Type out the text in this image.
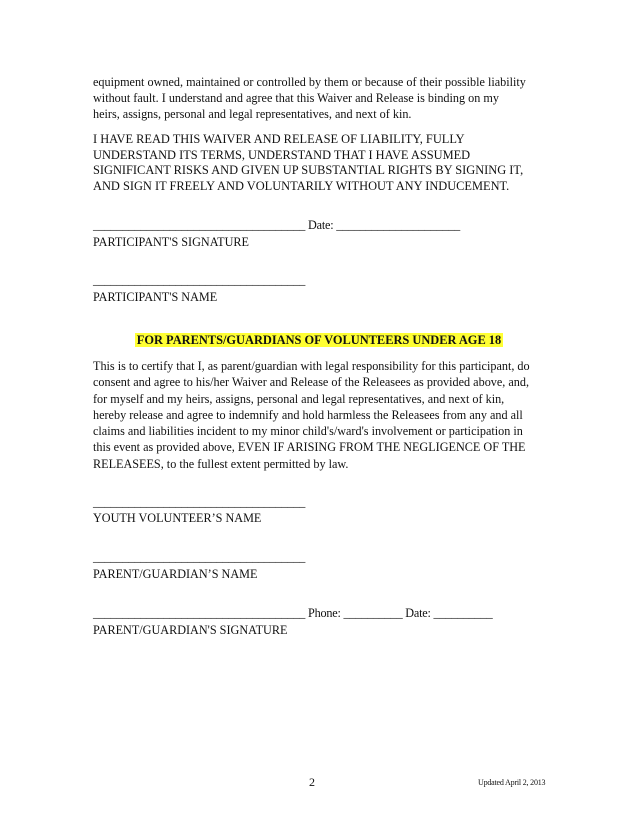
equipment owned, maintained or controlled by them or because of their possible liability
without fault. I understand and agree that this Waiver and Release is binding on my
heirs, assigns, personal and legal representatives, and next of kin.
I HAVE READ THIS WAIVER AND RELEASE OF LIABILITY, FULLY
UNDERSTAND ITS TERMS, UNDERSTAND THAT I HAVE ASSUMED
SIGNIFICANT RISKS AND GIVEN UP SUBSTANTIAL RIGHTS BY SIGNING IT,
AND SIGN IT FREELY AND VOLUNTARILY WITHOUT ANY INDUCEMENT.
____________________________________ Date: _____________________
PARTICIPANT'S SIGNATURE
____________________________________
PARTICIPANT'S NAME
FOR PARENTS/GUARDIANS OF VOLUNTEERS UNDER AGE 18
This is to certify that I, as parent/guardian with legal responsibility for this participant, do
consent and agree to his/her Waiver and Release of the Releasees as provided above, and,
for myself and my heirs, assigns, personal and legal representatives, and next of kin,
hereby release and agree to indemnify and hold harmless the Releasees from any and all
claims and liabilities incident to my minor child's/ward's involvement or participation in
this event as provided above, EVEN IF ARISING FROM THE NEGLIGENCE OF THE
RELEASEES, to the fullest extent permitted by law.
____________________________________
YOUTH VOLUNTEER’S NAME
____________________________________
PARENT/GUARDIAN’S NAME
____________________________________ Phone: __________ Date: __________
PARENT/GUARDIAN'S SIGNATURE
2	Updated April 2, 2013
